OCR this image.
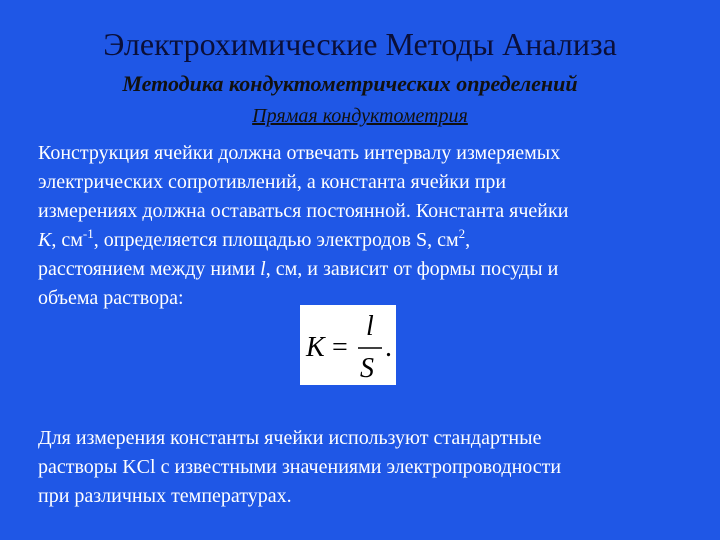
Электрохимические Методы Анализа
Методика кондуктометрических определений
Прямая кондуктометрия
Конструкция ячейки должна отвечать интервалу измеряемых
электрических сопротивлений, а константа ячейки при
измерениях должна оставаться постоянной. Константа ячейки
K, $см^{-1}$, определяется площадью электродов S, $см^2$,
расстоянием между ними l, см, и зависит от формы посуды и
объема раствора:
K =
l
S
.
Для измерения константы ячейки используют стандартные
растворы KCl с известными значениями электропроводности
при различных температурах.
